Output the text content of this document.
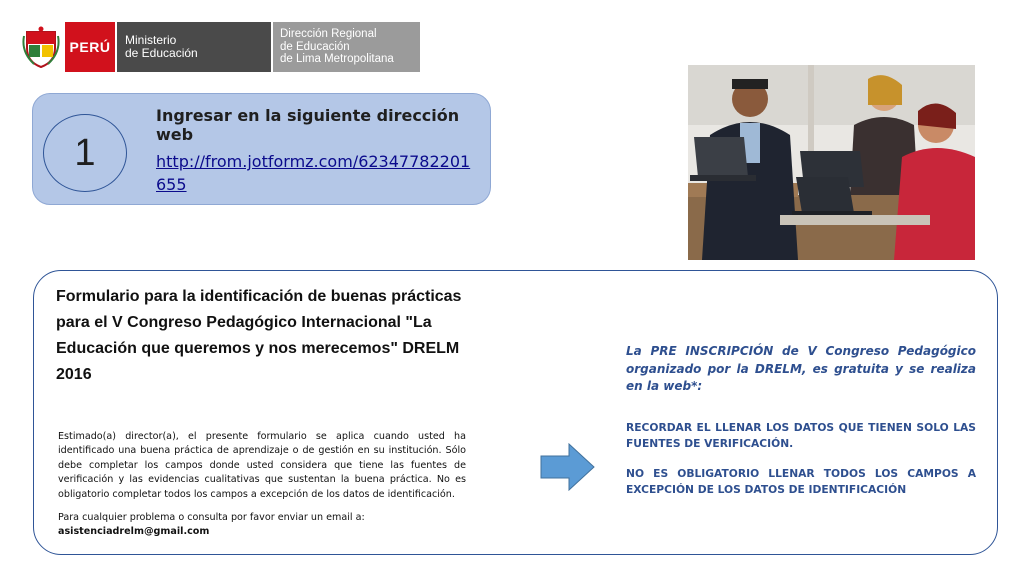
PERÚ	Ministerio
de Educación
Dirección Regional
de Educación
de Lima Metropolitana
1
Ingresar en la siguiente dirección web
http://from.jotformz.com/62347782201655
Formulario para la identificación de buenas prácticas para el V Congreso Pedagógico Internacional "La Educación que queremos y nos merecemos" DRELM 2016
Estimado(a) director(a), el presente formulario se aplica cuando usted ha identificado una buena práctica de aprendizaje o de gestión en su institución. Sólo debe completar los campos donde usted considera que tiene las fuentes de verificación y las evidencias cualitativas que sustentan la buena práctica. No es obligatorio completar todos los campos a excepción de los datos de identificación.
Para cualquier problema o consulta por favor enviar un email a:
asistenciadrelm@gmail.com
La PRE INSCRIPCIÓN de V Congreso Pedagógico organizado por la DRELM, es gratuita y se realiza en la web*:
RECORDAR EL LLENAR LOS DATOS QUE TIENEN SOLO LAS FUENTES DE VERIFICACIÓN.
NO ES OBLIGATORIO LLENAR TODOS LOS CAMPOS A EXCEPCIÓN DE LOS DATOS DE IDENTIFICACIÓN
